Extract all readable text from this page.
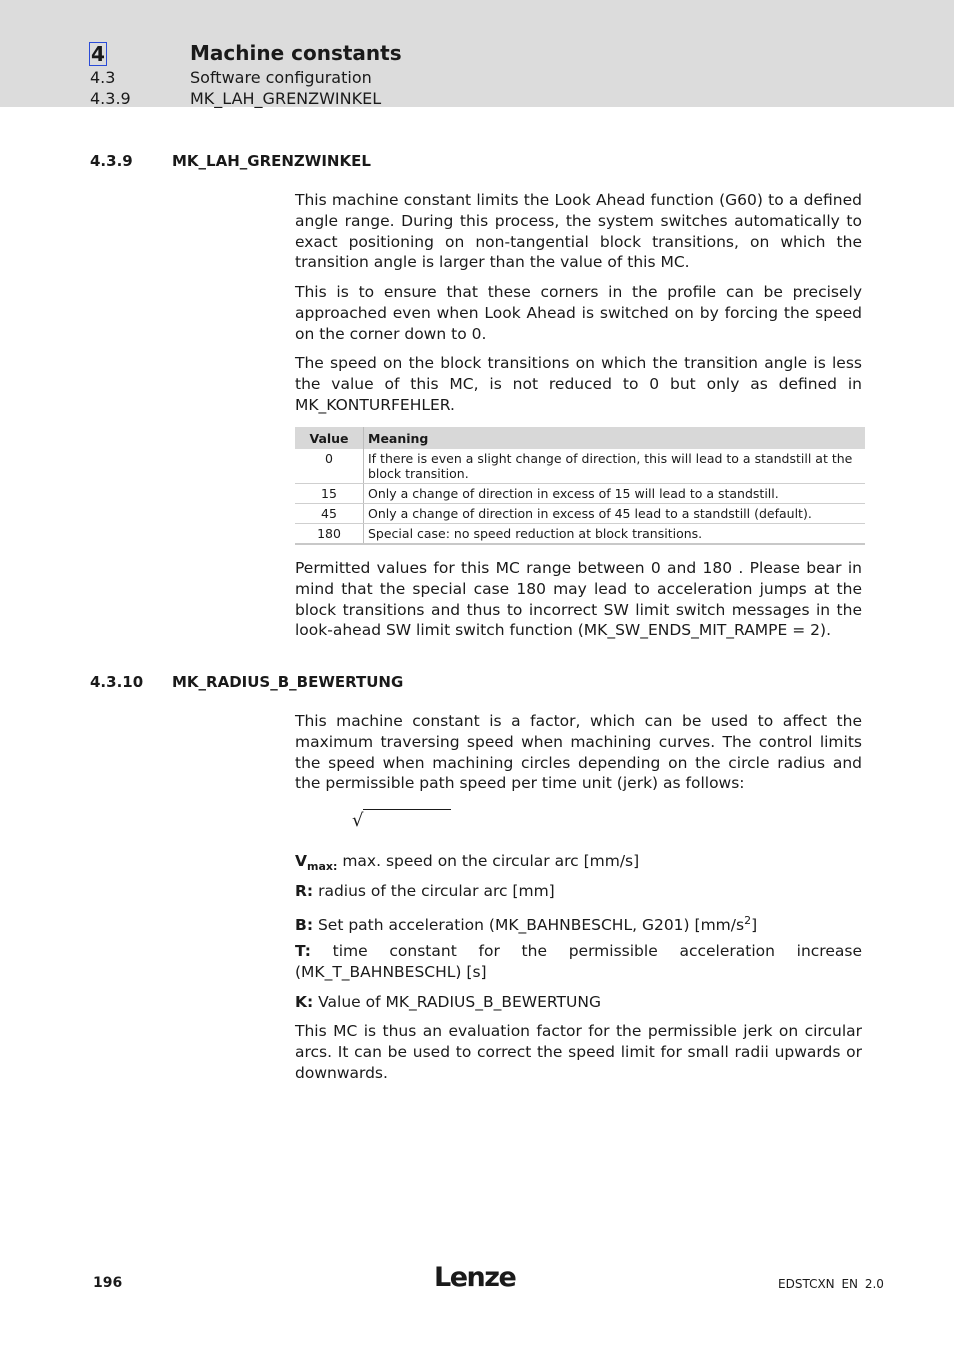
4	Machine constants
4.3	Software configuration
4.3.9	MK_LAH_GRENZWINKEL
4.3.9	MK_LAH_GRENZWINKEL

This machine constant limits the Look Ahead function (G60) to a defined angle range. During this process, the system switches automatically to exact positioning on non-tangential block transitions, on which the transition angle is larger than the value of this MC.

This is to ensure that these corners in the profile can be precisely approached even when Look Ahead is switched on by forcing the speed on the corner down to 0.

The speed on the block transitions on which the transition angle is less the value of this MC, is not reduced to 0 but only as defined in MK_KONTURFEHLER.

Value	Meaning
0	If there is even a slight change of direction, this will lead to a standstill at the block transition.
15	Only a change of direction in excess of 15 will lead to a standstill.
45	Only a change of direction in excess of 45 lead to a standstill (default).
180	Special case: no speed reduction at block transitions.

Permitted values for this MC range between 0 and 180 . Please bear in mind that the special case 180 may lead to acceleration jumps at the block transitions and thus to incorrect SW limit switch messages in the look-ahead SW limit switch function (MK_SW_ENDS_MIT_RAMPE = 2).

4.3.10 MK_RADIUS_B_BEWERTUNG

This machine constant is a factor, which can be used to affect the maximum traversing speed when machining curves. The control limits the speed when machining circles depending on the circle radius and the permissible path speed per time unit (jerk) as follows:

√

$V_{max:}$ max. speed on the circular arc [mm/s]

R: radius of the circular arc [mm]

B: Set path acceleration (MK_BAHNBESCHL, G201) $[mm/s^2]$

T: time constant for the permissible acceleration increase (MK_T_BAHNBESCHL) [s]

K: Value of MK_RADIUS_B_BEWERTUNG

This MC is thus an evaluation factor for the permissible jerk on circular arcs. It can be used to correct the speed limit for small radii upwards or downwards.

196	Lenze	EDSTCXN EN 2.0
